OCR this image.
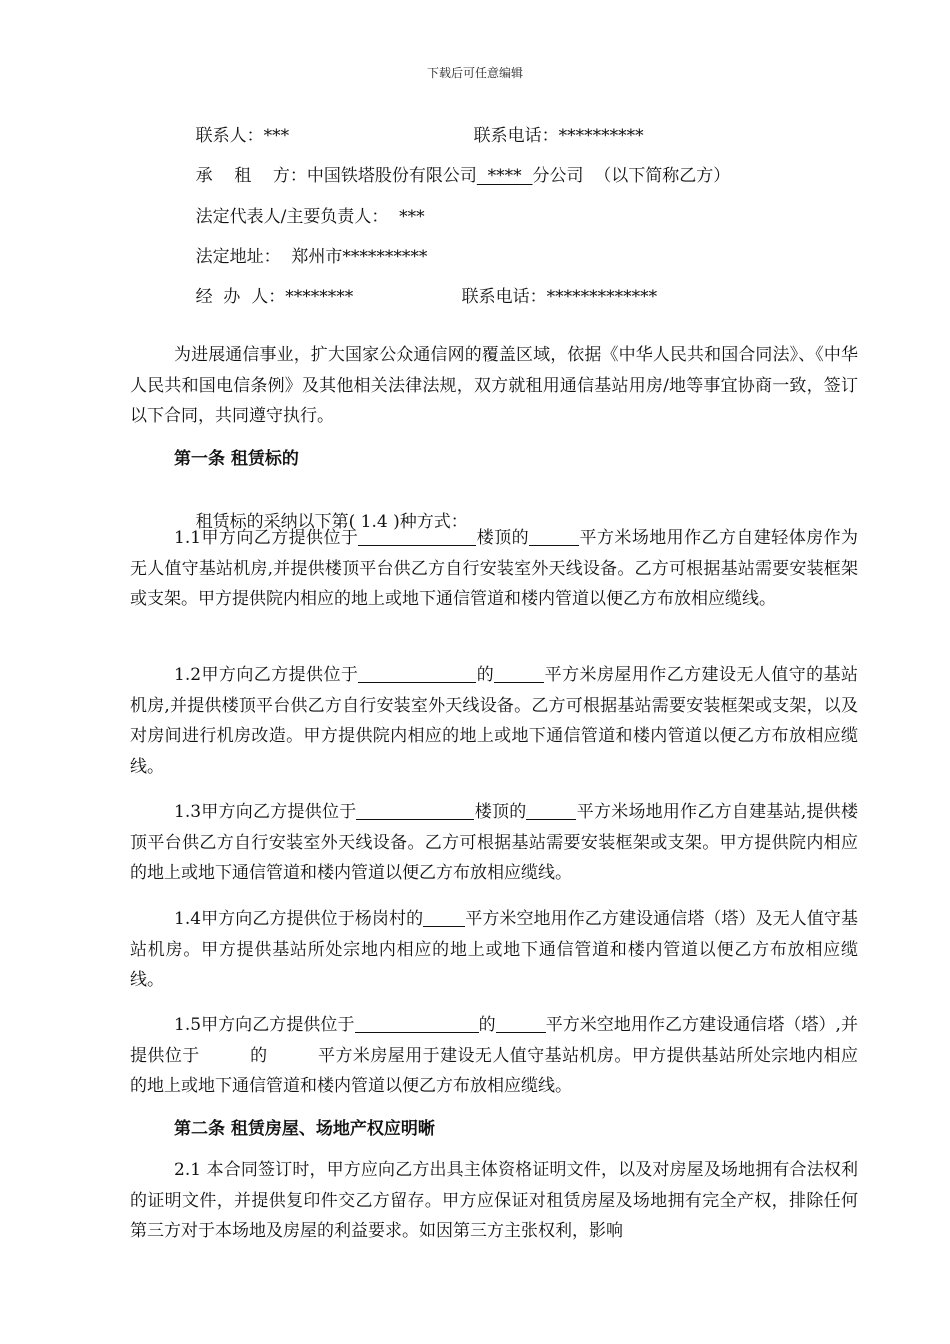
下载后可任意编辑

联系人：***
	联系电话：**********

承    租    方：中国铁塔股份有限公司  ****  分公司  （以下简称乙方）

法定代表人/主要负责人：  ***

法定地址：  郑州市**********

经  办  人：********
	联系电话：*************

为进展通信事业，扩大国家公众通信网的覆盖区域，依据《中华人民共和国合同法》、《中华人民共和国电信条例》及其他相关法律法规，双方就租用通信基站用房/地等事宜协商一致，签订以下合同，共同遵守执行。

第一条 租赁标的

租赁标的采纳以下第( 1.4 )种方式：

1.1甲方向乙方提供位于	楼顶的	平方米场地用作乙方自建轻体房作为无人值守基站机房,并提供楼顶平台供乙方自行安装室外天线设备。乙方可根据基站需要安装框架或支架。甲方提供院内相应的地上或地下通信管道和楼内管道以便乙方布放相应缆线。

1.2甲方向乙方提供位于	的	平方米房屋用作乙方建设无人值守的基站机房,并提供楼顶平台供乙方自行安装室外天线设备。乙方可根据基站需要安装框架或支架，以及对房间进行机房改造。甲方提供院内相应的地上或地下通信管道和楼内管道以便乙方布放相应缆线。

1.3甲方向乙方提供位于	楼顶的	平方米场地用作乙方自建基站,提供楼顶平台供乙方自行安装室外天线设备。乙方可根据基站需要安装框架或支架。甲方提供院内相应的地上或地下通信管道和楼内管道以便乙方布放相应缆线。

1.4甲方向乙方提供位于杨岗村的 平方米空地用作乙方建设通信塔（塔）及无人值守基站机房。甲方提供基站所处宗地内相应的地上或地下通信管道和楼内管道以便乙方布放相应缆线。

1.5甲方向乙方提供位于	的	平方米空地用作乙方建设通信塔（塔）,并提供位于	的	平方米房屋用于建设无人值守基站机房。甲方提供基站所处宗地内相应的地上或地下通信管道和楼内管道以便乙方布放相应缆线。

第二条 租赁房屋、场地产权应明晰

2.1 本合同签订时，甲方应向乙方出具主体资格证明文件，以及对房屋及场地拥有合法权利的证明文件，并提供复印件交乙方留存。甲方应保证对租赁房屋及场地拥有完全产权，排除任何第三方对于本场地及房屋的利益要求。如因第三方主张权利，影响
